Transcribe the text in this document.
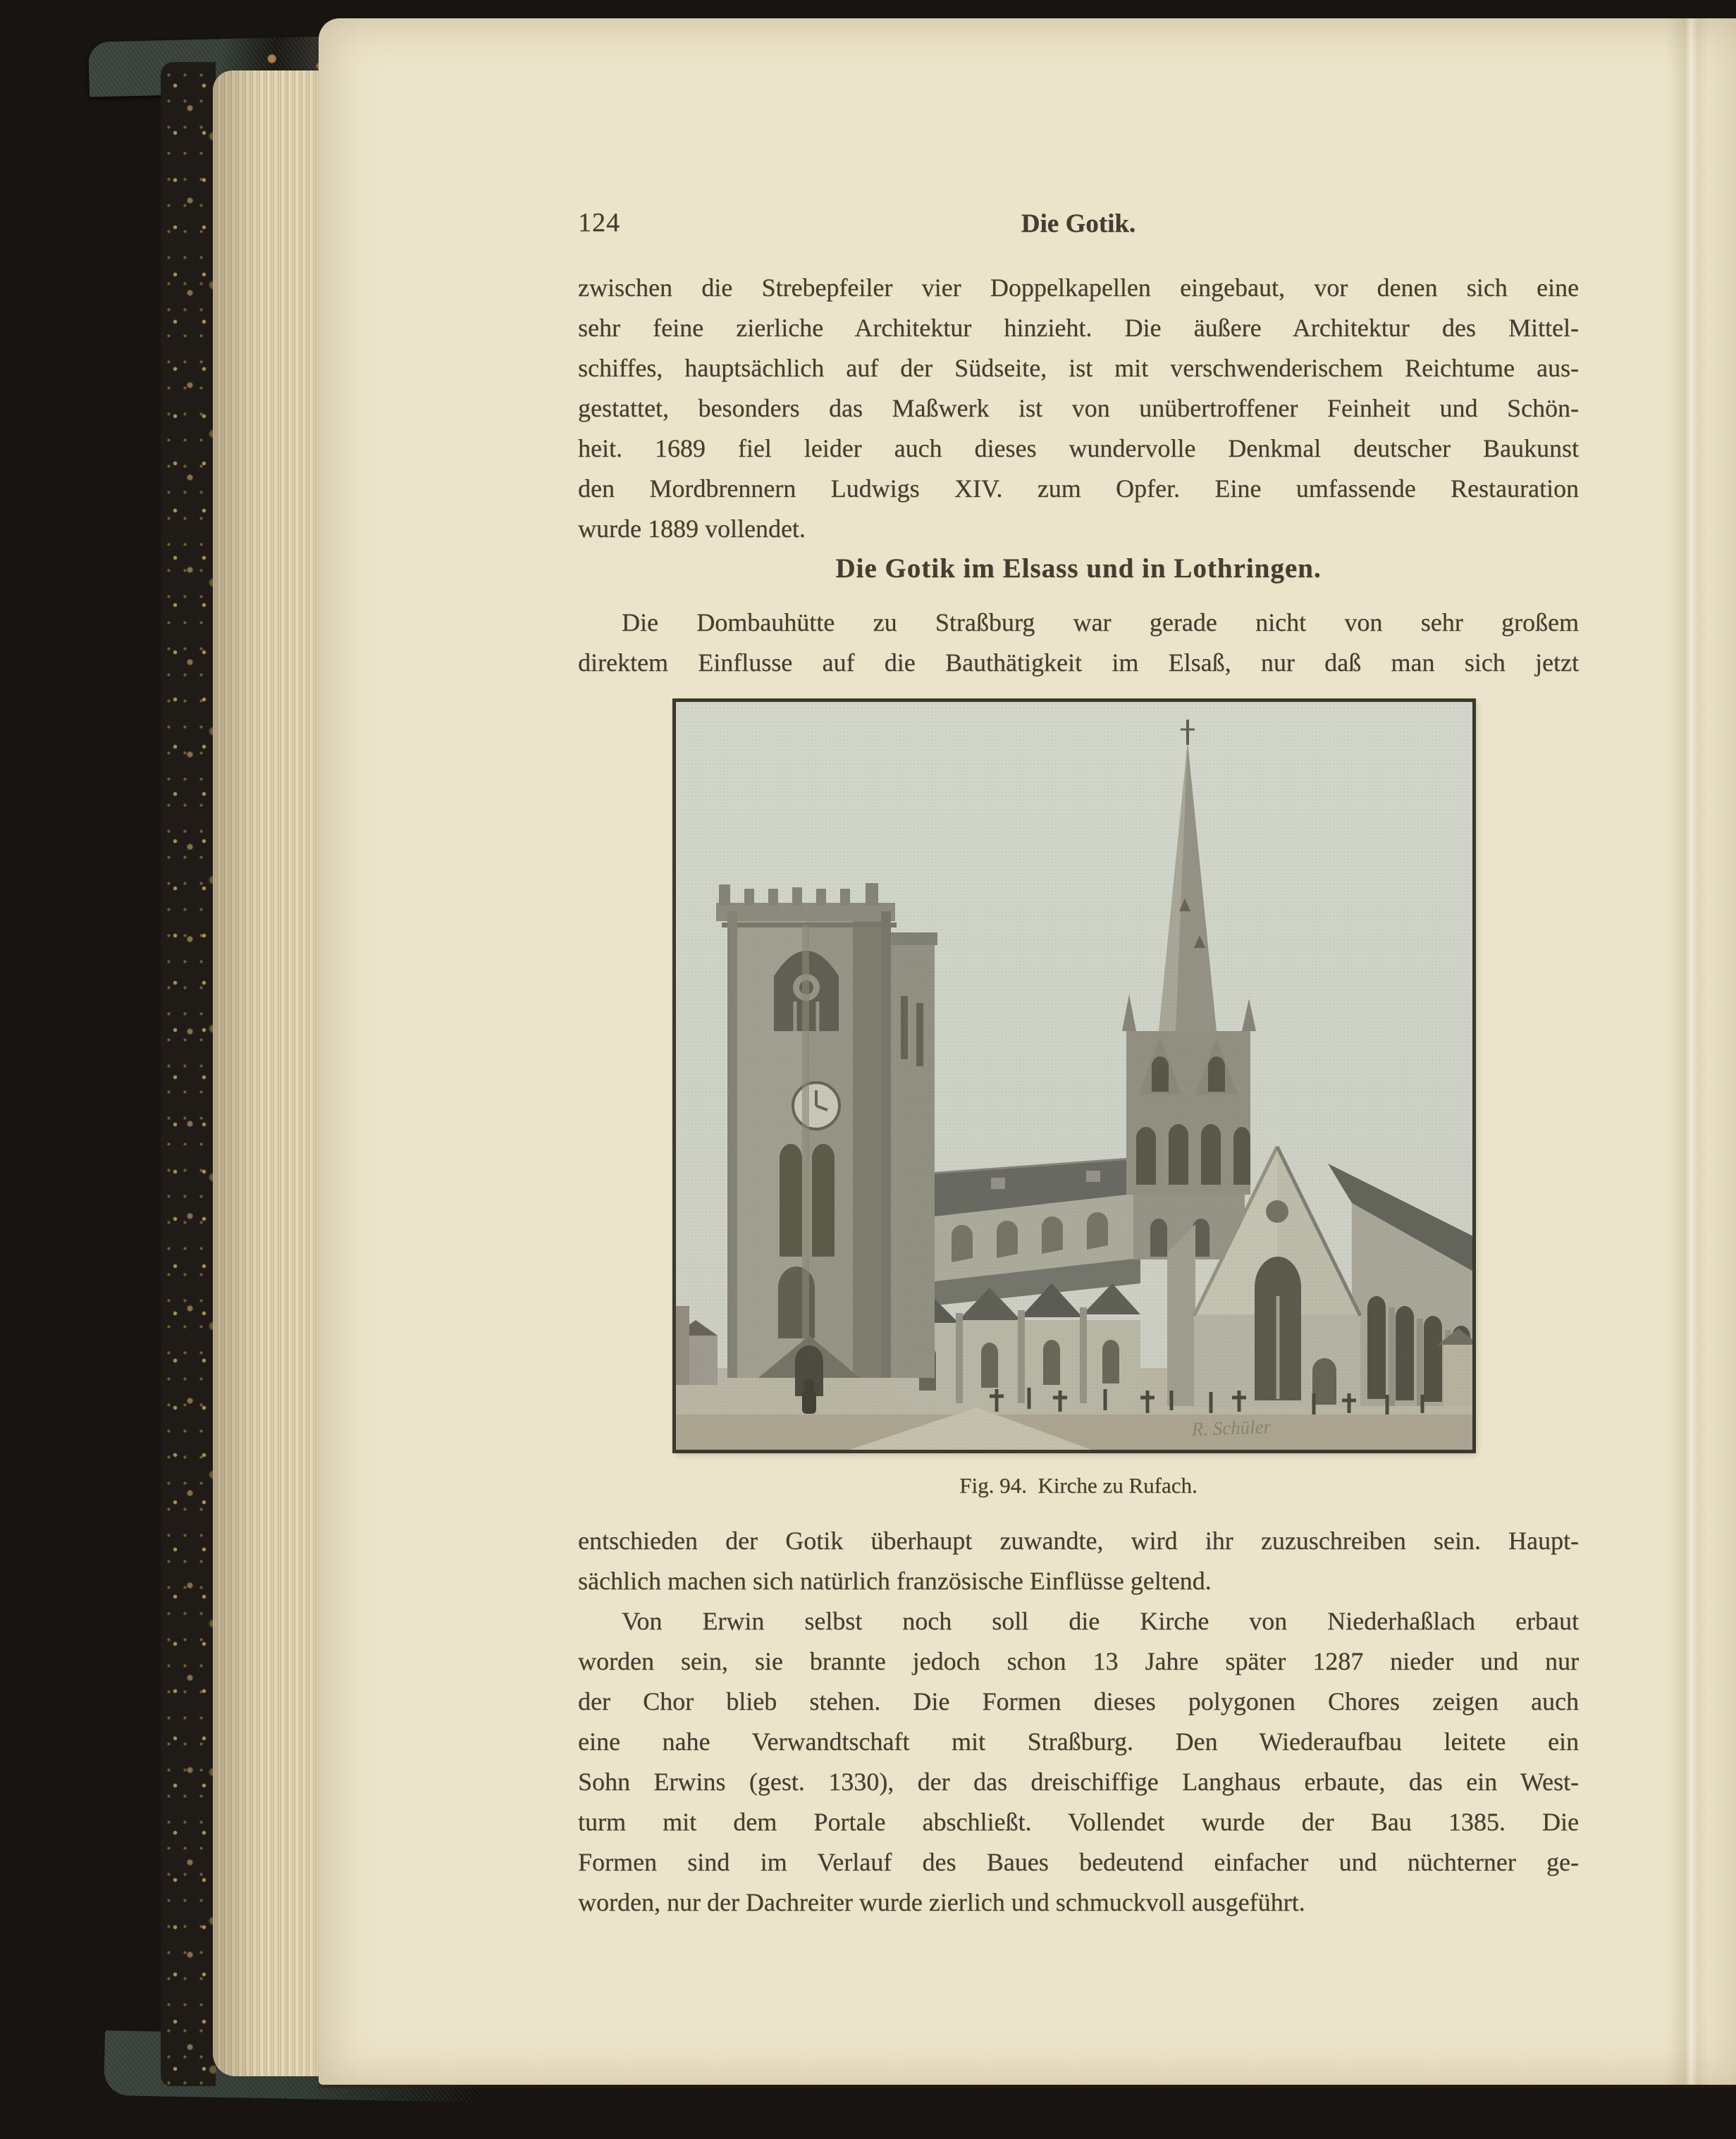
124	Die Gotik.
zwischen die Strebepfeiler vier Doppelkapellen eingebaut, vor denen sich eine
sehr feine zierliche Architektur hinzieht. Die äußere Architektur des Mittel-
schiffes, hauptsächlich auf der Südseite, ist mit verschwenderischem Reichtume aus-
gestattet, besonders das Maßwerk ist von unübertroffener Feinheit und Schön-
heit. 1689 fiel leider auch dieses wundervolle Denkmal deutscher Baukunst
den Mordbrennern Ludwigs XIV. zum Opfer. Eine umfassende Restauration
wurde 1889 vollendet.
Die Gotik im Elsass und in Lothringen.
Die Dombauhütte zu Straßburg war gerade nicht von sehr großem
direktem Einflusse auf die Bauthätigkeit im Elsaß, nur daß man sich jetzt
R. Schüler
Fig. 94.  Kirche zu Rufach.
entschieden der Gotik überhaupt zuwandte, wird ihr zuzuschreiben sein. Haupt-
sächlich machen sich natürlich französische Einflüsse geltend.
Von Erwin selbst noch soll die Kirche von Niederhaßlach erbaut
worden sein, sie brannte jedoch schon 13 Jahre später 1287 nieder und nur
der Chor blieb stehen. Die Formen dieses polygonen Chores zeigen auch
eine nahe Verwandtschaft mit Straßburg. Den Wiederaufbau leitete ein
Sohn Erwins (gest. 1330), der das dreischiffige Langhaus erbaute, das ein West-
turm mit dem Portale abschließt. Vollendet wurde der Bau 1385. Die
Formen sind im Verlauf des Baues bedeutend einfacher und nüchterner ge-
worden, nur der Dachreiter wurde zierlich und schmuckvoll ausgeführt.
